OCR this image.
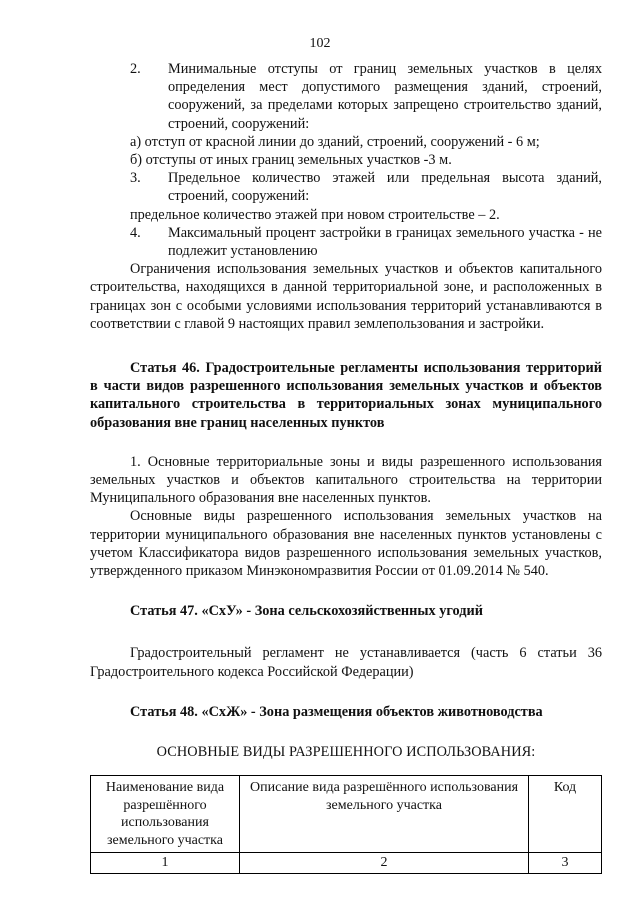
102
2.	Минимальные отступы от границ земельных участков в целях определения мест допустимого размещения зданий, строений, сооружений, за пределами которых запрещено строительство зданий, строений, сооружений:

а) отступ от красной линии до зданий, строений, сооружений - 6 м;

б) отступы от иных границ земельных участков -3 м.

3.	Предельное количество этажей или предельная высота зданий, строений, сооружений:

предельное количество этажей при новом строительстве – 2.

4.	Максимальный процент застройки в границах земельного участка - не подлежит установлению

Ограничения использования земельных участков и объектов капитального строительства, находящихся в данной территориальной зоне, и расположенных в границах зон с особыми условиями использования территорий устанавливаются в соответствии с главой 9 настоящих правил землепользования и застройки.

Статья 46. Градостроительные регламенты использования территорий в части видов разрешенного использования земельных участков и объектов капитального строительства в территориальных зонах муниципального образования вне границ населенных пунктов

1. Основные территориальные зоны и виды разрешенного использования земельных участков и объектов капитального строительства на территории Муниципального образования вне населенных пунктов.

Основные виды разрешенного использования земельных участков на территории муниципального образования вне населенных пунктов установлены с учетом Классификатора видов разрешенного использования земельных участков, утвержденного приказом Минэкономразвития России от 01.09.2014 № 540.

Статья 47. «СхУ» - Зона сельскохозяйственных угодий

Градостроительный регламент не устанавливается (часть 6 статьи 36 Градостроительного кодекса Российской Федерации)

Статья 48. «СхЖ» - Зона размещения объектов животноводства

ОСНОВНЫЕ ВИДЫ РАЗРЕШЕННОГО ИСПОЛЬЗОВАНИЯ:

Наименование вида разрешённого использования земельного участка	Описание вида разрешённого использования земельного участка	Код
1	2	3
